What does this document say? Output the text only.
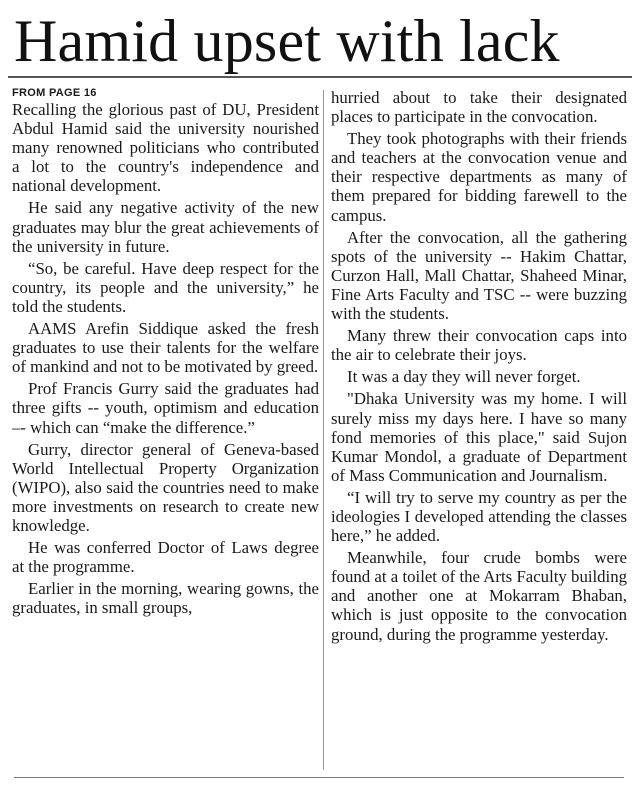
Hamid upset with lack
FROM PAGE 16

Recalling the glorious past of DU, President Abdul Hamid said the university nourished many renowned politicians who contributed a lot to the country's independence and national development.

He said any negative activity of the new graduates may blur the great achievements of the university in future.

“So, be careful. Have deep respect for the country, its people and the university,” he told the students.

AAMS Arefin Siddique asked the fresh graduates to use their talents for the welfare of mankind and not to be motivated by greed.

Prof Francis Gurry said the graduates had three gifts -- youth, optimism and education –- which can “make the difference.”

Gurry, director general of Geneva-based World Intellectual Property Organization (WIPO), also said the countries need to make more investments on research to create new knowledge.

He was conferred Doctor of Laws degree at the programme.

Earlier in the morning, wearing gowns, the graduates, in small groups,

hurried about to take their designated places to participate in the convocation.

They took photographs with their friends and teachers at the convocation venue and their respective departments as many of them prepared for bidding farewell to the campus.

After the convocation, all the gathering spots of the university -- Hakim Chattar, Curzon Hall, Mall Chattar, Shaheed Minar, Fine Arts Faculty and TSC -- were buzzing with the students.

Many threw their convocation caps into the air to celebrate their joys.

It was a day they will never forget.

"Dhaka University was my home. I will surely miss my days here. I have so many fond memories of this place," said Sujon Kumar Mondol, a graduate of Department of Mass Communication and Journalism.

“I will try to serve my country as per the ideologies I developed attending the classes here,” he added.

Meanwhile, four crude bombs were found at a toilet of the Arts Faculty building and another one at Mokarram Bhaban, which is just opposite to the convocation ground, during the programme yesterday.
